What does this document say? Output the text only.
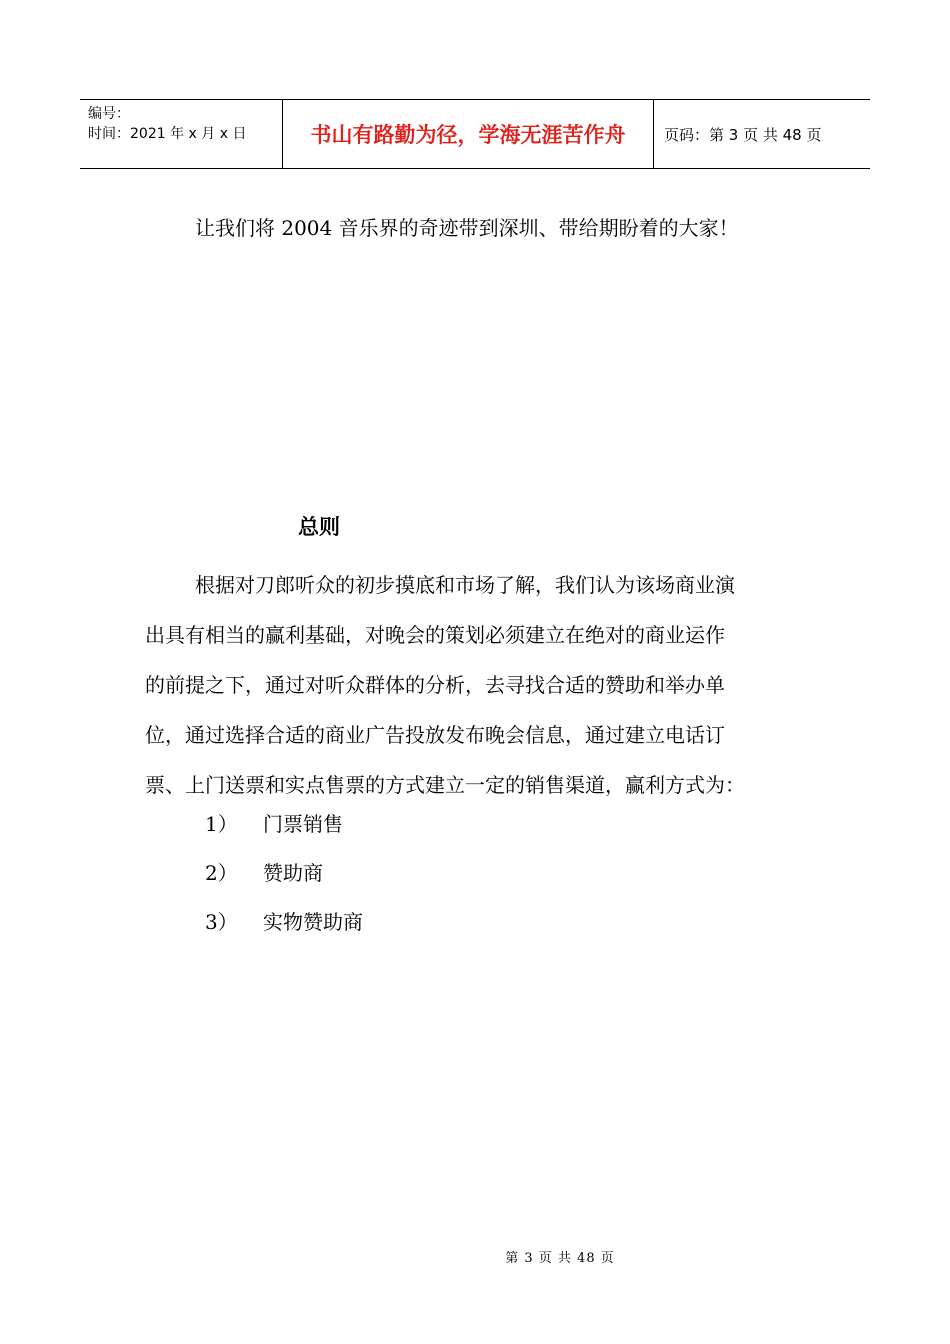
编号：
时间：2021 年 x 月 x 日	书山有路勤为径，学海无涯苦作舟	页码：第 3 页 共 48 页
让我们将 2004 音乐界的奇迹带到深圳、带给期盼着的大家！
总则
根据对刀郎听众的初步摸底和市场了解，我们认为该场商业演
出具有相当的赢利基础，对晚会的策划必须建立在绝对的商业运作
的前提之下，通过对听众群体的分析，去寻找合适的赞助和举办单
位，通过选择合适的商业广告投放发布晚会信息，通过建立电话订
票、上门送票和实点售票的方式建立一定的销售渠道，赢利方式为：
1）	门票销售
2）	赞助商
3）	实物赞助商
第 3 页 共 48 页
